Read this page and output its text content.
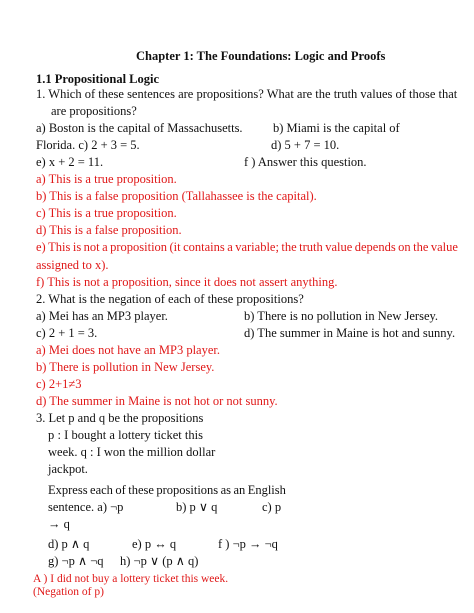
Chapter 1: The Foundations: Logic and Proofs
1.1 Propositional Logic
1. Which of these sentences are propositions? What are the truth values of those that
are propositions?
a) Boston is the capital of Massachusetts. b) Miami is the capital of
Florida. c) 2 + 3 = 5.	d) 5 + 7 = 10.
e) x + 2 = 11.	f ) Answer this question.
a) This is a true proposition.
b) This is a false proposition (Tallahassee is the capital).
c) This is a true proposition.
d) This is a false proposition.
e) This is not a proposition (it contains a variable; the truth value depends on the value
assigned to x).
f) This is not a proposition, since it does not assert anything.
2. What is the negation of each of these propositions?
a) Mei has an MP3 player.	b) There is no pollution in New Jersey.
c) 2 + 1 = 3.	d) The summer in Maine is hot and sunny.
a) Mei does not have an MP3 player.
b) There is pollution in New Jersey.
c) 2+1≠3
d) The summer in Maine is not hot or not sunny.
3. Let p and q be the propositions
p : I bought a lottery ticket this
week. q : I won the million dollar
jackpot.
Express each of these propositions as an English
sentence. a) ¬p	b) p ∨ q	c) p
→ q
d) p ∧ q	e) p ↔ q	f ) ¬p → ¬q
g) ¬p ∧ ¬q h) ¬p ∨ (p ∧ q)
A ) I did not buy a lottery ticket this week.
(Negation of p)
